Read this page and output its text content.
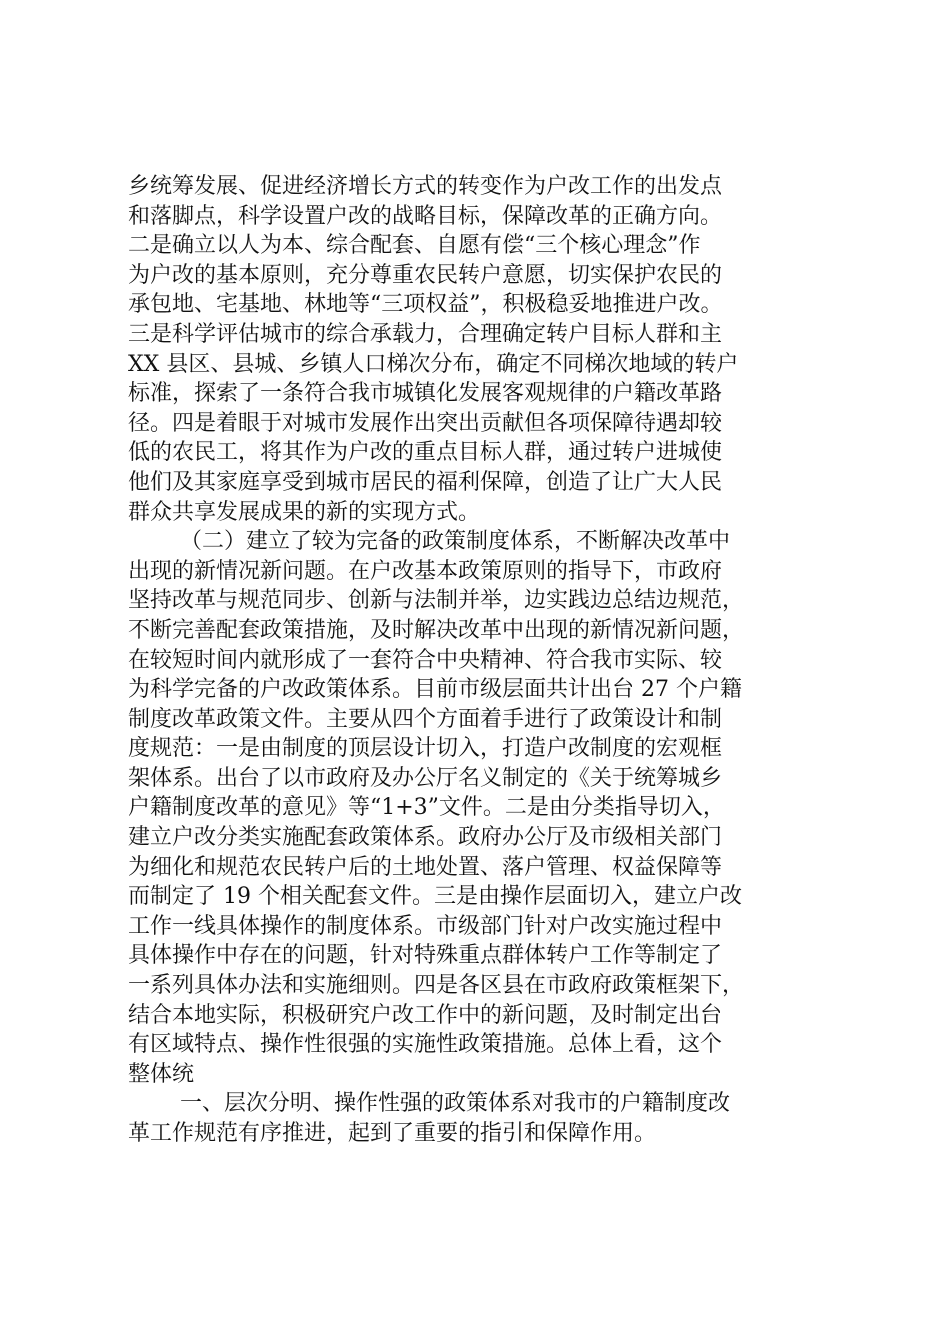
乡统筹发展、促进经济增长方式的转变作为户改工作的出发点
和落脚点，科学设置户改的战略目标，保障改革的正确方向。
二是确立以人为本、综合配套、自愿有偿“三个核心理念”作
为户改的基本原则，充分尊重农民转户意愿，切实保护农民的
承包地、宅基地、林地等“三项权益”，积极稳妥地推进户改。
三是科学评估城市的综合承载力，合理确定转户目标人群和主
XX 县区、县城、乡镇人口梯次分布，确定不同梯次地域的转户
标准，探索了一条符合我市城镇化发展客观规律的户籍改革路
径。四是着眼于对城市发展作出突出贡献但各项保障待遇却较
低的农民工，将其作为户改的重点目标人群，通过转户进城使
他们及其家庭享受到城市居民的福利保障，创造了让广大人民
群众共享发展成果的新的实现方式。
（二）建立了较为完备的政策制度体系，不断解决改革中
出现的新情况新问题。在户改基本政策原则的指导下，市政府
坚持改革与规范同步、创新与法制并举，边实践边总结边规范，
不断完善配套政策措施，及时解决改革中出现的新情况新问题，
在较短时间内就形成了一套符合中央精神、符合我市实际、较
为科学完备的户改政策体系。目前市级层面共计出台 27 个户籍
制度改革政策文件。主要从四个方面着手进行了政策设计和制
度规范：一是由制度的顶层设计切入，打造户改制度的宏观框
架体系。出台了以市政府及办公厅名义制定的《关于统筹城乡
户籍制度改革的意见》等“1+3”文件。二是由分类指导切入，
建立户改分类实施配套政策体系。政府办公厅及市级相关部门
为细化和规范农民转户后的土地处置、落户管理、权益保障等
而制定了 19 个相关配套文件。三是由操作层面切入，建立户改
工作一线具体操作的制度体系。市级部门针对户改实施过程中
具体操作中存在的问题，针对特殊重点群体转户工作等制定了
一系列具体办法和实施细则。四是各区县在市政府政策框架下，
结合本地实际，积极研究户改工作中的新问题，及时制定出台
有区域特点、操作性很强的实施性政策措施。总体上看，这个
整体统
一、层次分明、操作性强的政策体系对我市的户籍制度改
革工作规范有序推进，起到了重要的指引和保障作用。
